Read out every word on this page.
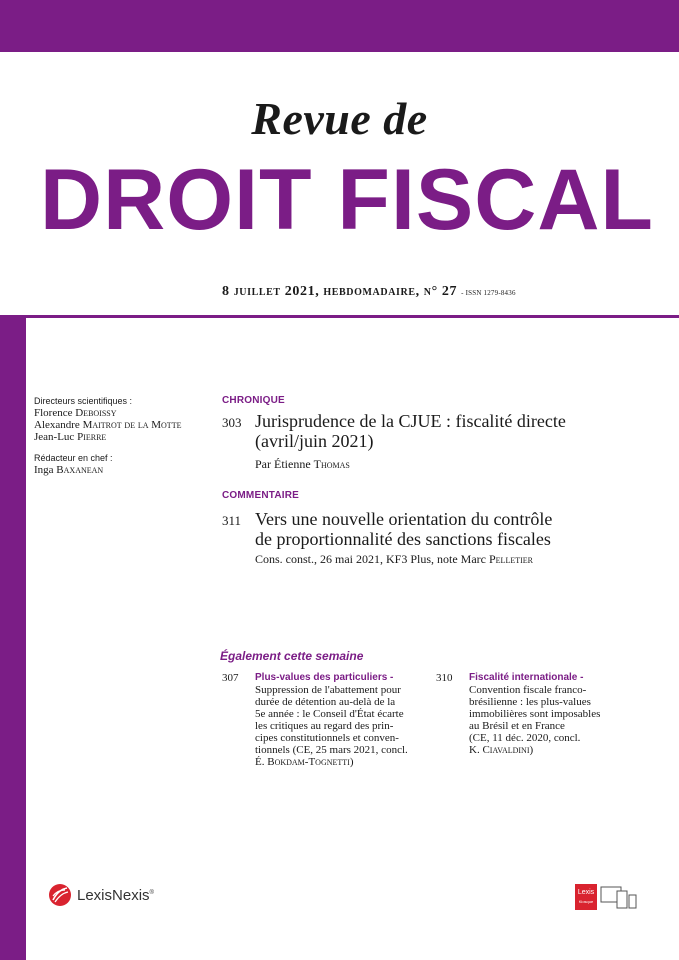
Revue de
DROIT FISCAL
8 juillet 2021, hebdomadaire, n° 27 - ISSN 1279-8436
Directeurs scientifiques :
Florence Deboissy
Alexandre Maitrot de la Motte
Jean-Luc Pierre
Rédacteur en chef :
Inga Baxanean
CHRONIQUE
303 Jurisprudence de la CJUE : fiscalité directe
(avril/juin 2021)
Par Étienne Thomas
COMMENTAIRE
311 Vers une nouvelle orientation du contrôle
de proportionnalité des sanctions fiscales
Cons. const., 26 mai 2021, KF3 Plus, note Marc Pelletier
Également cette semaine
307 Plus-values des particuliers -
Suppression de l'abattement pour
durée de détention au-delà de la
5e année : le Conseil d'État écarte
les critiques au regard des prin-
cipes constitutionnels et conven-
tionnels (CE, 25 mars 2021, concl.
É. Bokdam-Tognetti)
310 Fiscalité internationale -
Convention fiscale franco-
brésilienne : les plus-values
immobilières sont imposables
au Brésil et en France
(CE, 11 déc. 2020, concl.
K. Ciavaldini)
LexisNexis®	Lexis
Kiosque
